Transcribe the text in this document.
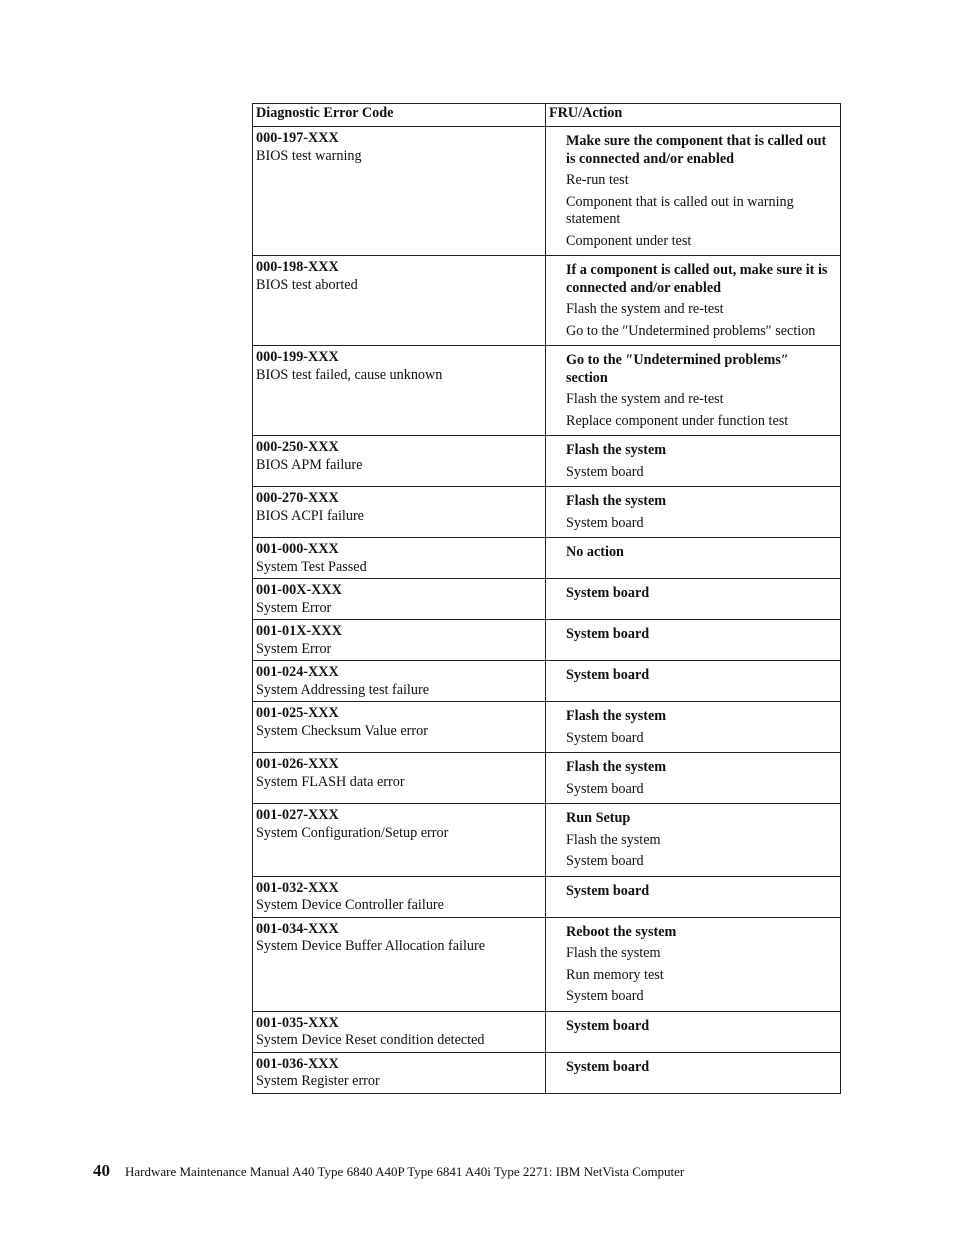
Diagnostic Error Code	FRU/Action

000-197-XXX
BIOS test warning	Make sure the component that is called out is connected and/or enabled
Re-run test
Component that is called out in warning statement
Component under test

000-198-XXX
BIOS test aborted	If a component is called out, make sure it is connected and/or enabled
Flash the system and re-test
Go to the ″Undetermined problems″ section

000-199-XXX
BIOS test failed, cause unknown	Go to the ″Undetermined problems″ section
Flash the system and re-test
Replace component under function test

000-250-XXX
BIOS APM failure	Flash the system
System board

000-270-XXX
BIOS ACPI failure	Flash the system
System board

001-000-XXX
System Test Passed	No action

001-00X-XXX
System Error	System board

001-01X-XXX
System Error	System board

001-024-XXX
System Addressing test failure	System board

001-025-XXX
System Checksum Value error	Flash the system
System board

001-026-XXX
System FLASH data error	Flash the system
System board

001-027-XXX
System Configuration/Setup error	Run Setup
Flash the system
System board

001-032-XXX
System Device Controller failure	System board

001-034-XXX
System Device Buffer Allocation failure	Reboot the system
Flash the system
Run memory test
System board

001-035-XXX
System Device Reset condition detected	System board

001-036-XXX
System Register error	System board
40 Hardware Maintenance Manual A40 Type 6840 A40P Type 6841 A40i Type 2271: IBM NetVista Computer
